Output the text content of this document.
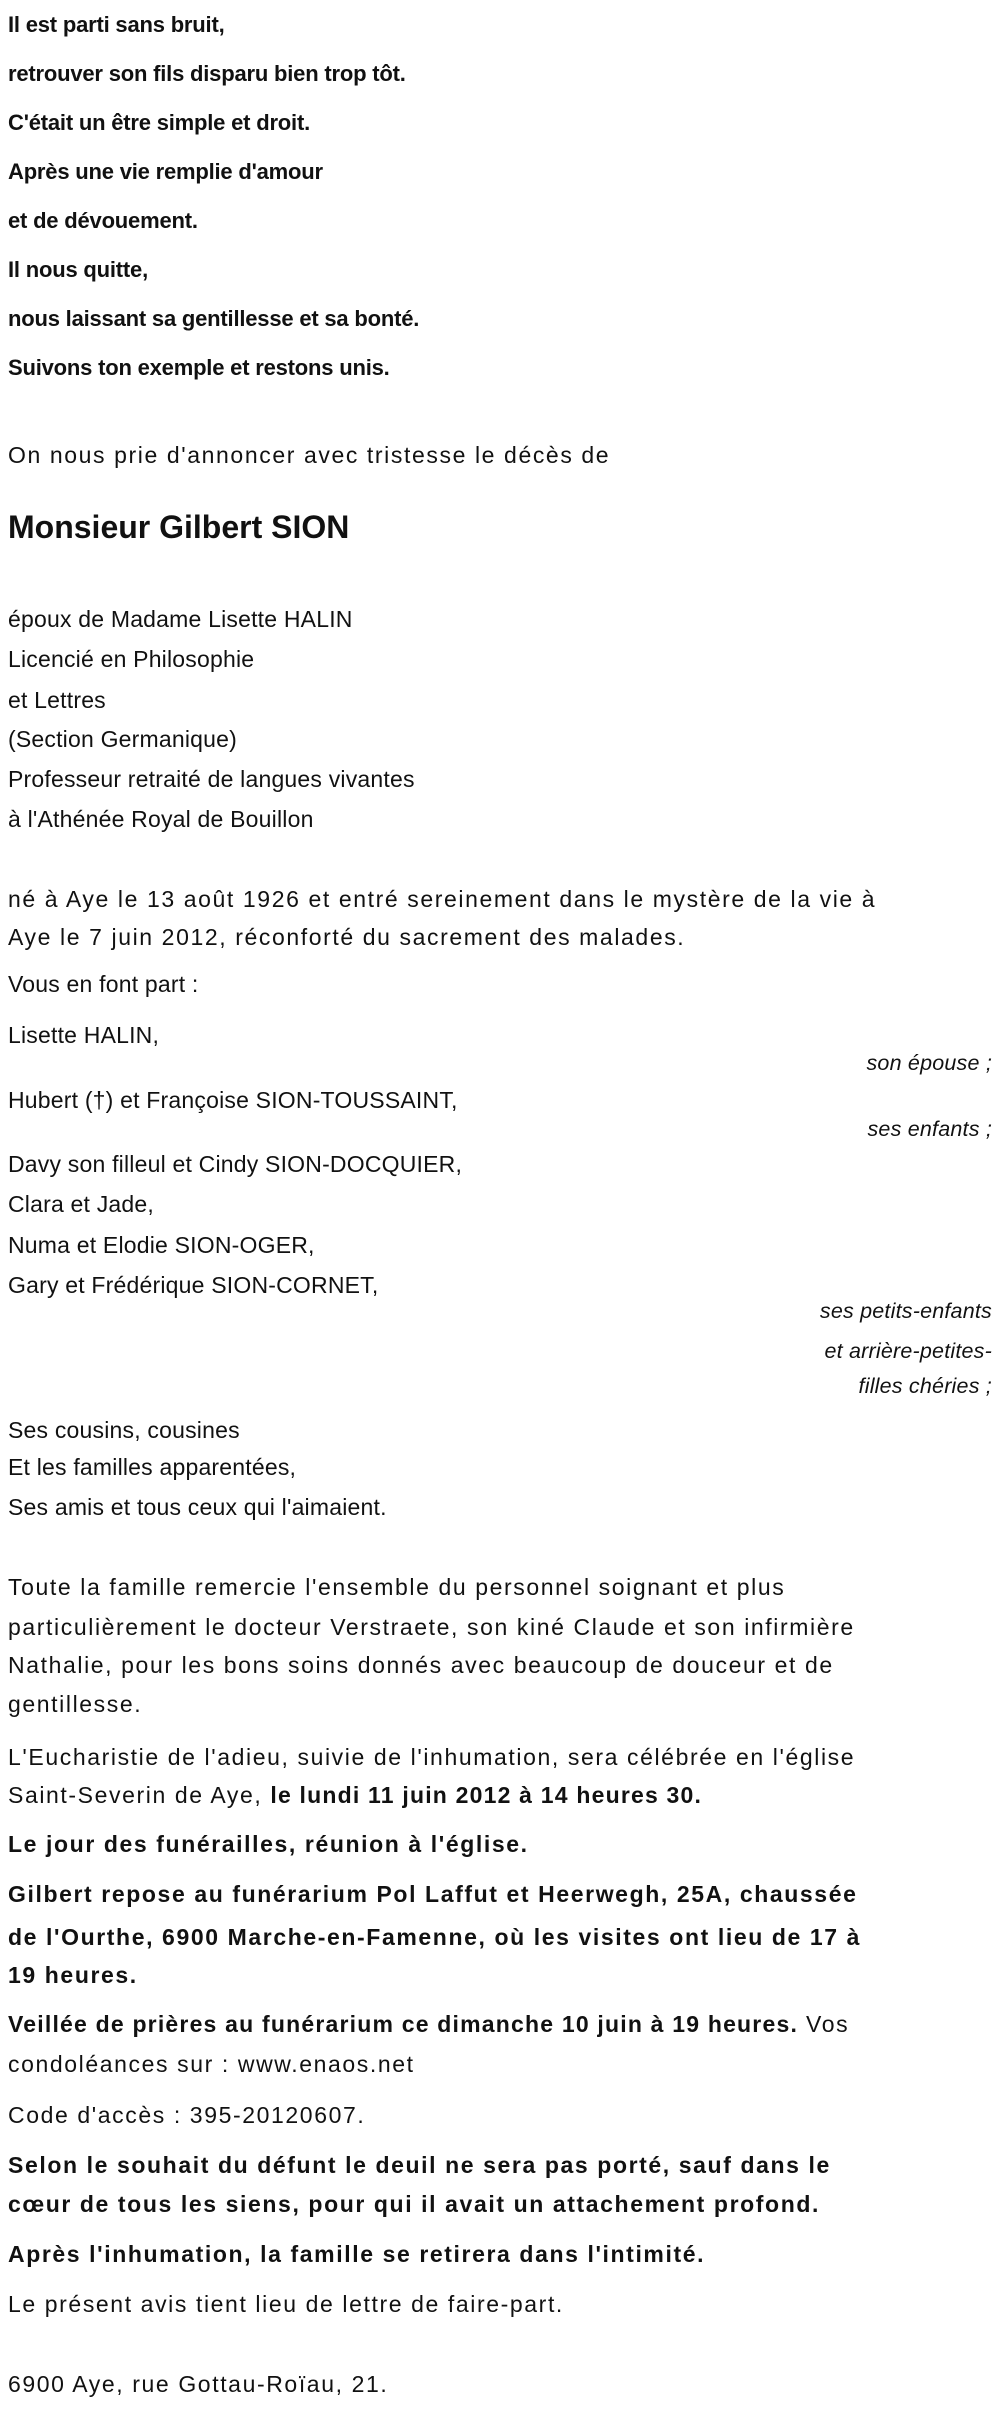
Il est parti sans bruit,
retrouver son fils disparu bien trop tôt.
C'était un être simple et droit.
Après une vie remplie d'amour
et de dévouement.
Il nous quitte,
nous laissant sa gentillesse et sa bonté.
Suivons ton exemple et restons unis.
On nous prie d'annoncer avec tristesse le décès de
Monsieur Gilbert SION
époux de Madame Lisette HALIN
Licencié en Philosophie
et Lettres
(Section Germanique)
Professeur retraité de langues vivantes
à l'Athénée Royal de Bouillon
né à Aye le 13 août 1926 et entré sereinement dans le mystère de la vie à
Aye le 7 juin 2012, réconforté du sacrement des malades.
Vous en font part :
Lisette HALIN,
son épouse ;
Hubert (†) et Françoise SION-TOUSSAINT,
ses enfants ;
Davy son filleul et Cindy SION-DOCQUIER,
Clara et Jade,
Numa et Elodie SION-OGER,
Gary et Frédérique SION-CORNET,
ses petits-enfants
et arrière-petites-
filles chéries ;
Ses cousins, cousines
Et les familles apparentées,
Ses amis et tous ceux qui l'aimaient.
Toute la famille remercie l'ensemble du personnel soignant et plus
particulièrement le docteur Verstraete, son kiné Claude et son infirmière
Nathalie, pour les bons soins donnés avec beaucoup de douceur et de
gentillesse.
L'Eucharistie de l'adieu, suivie de l'inhumation, sera célébrée en l'église
Saint-Severin de Aye, le lundi 11 juin 2012 à 14 heures 30.
Le jour des funérailles, réunion à l'église.
Gilbert repose au funérarium Pol Laffut et Heerwegh, 25A, chaussée
de l'Ourthe, 6900 Marche-en-Famenne, où les visites ont lieu de 17 à
19 heures.
Veillée de prières au funérarium ce dimanche 10 juin à 19 heures. Vos
condoléances sur : www.enaos.net
Code d'accès : 395-20120607.
Selon le souhait du défunt le deuil ne sera pas porté, sauf dans le
cœur de tous les siens, pour qui il avait un attachement profond.
Après l'inhumation, la famille se retirera dans l'intimité.
Le présent avis tient lieu de lettre de faire-part.
6900 Aye, rue Gottau-Roïau, 21.
